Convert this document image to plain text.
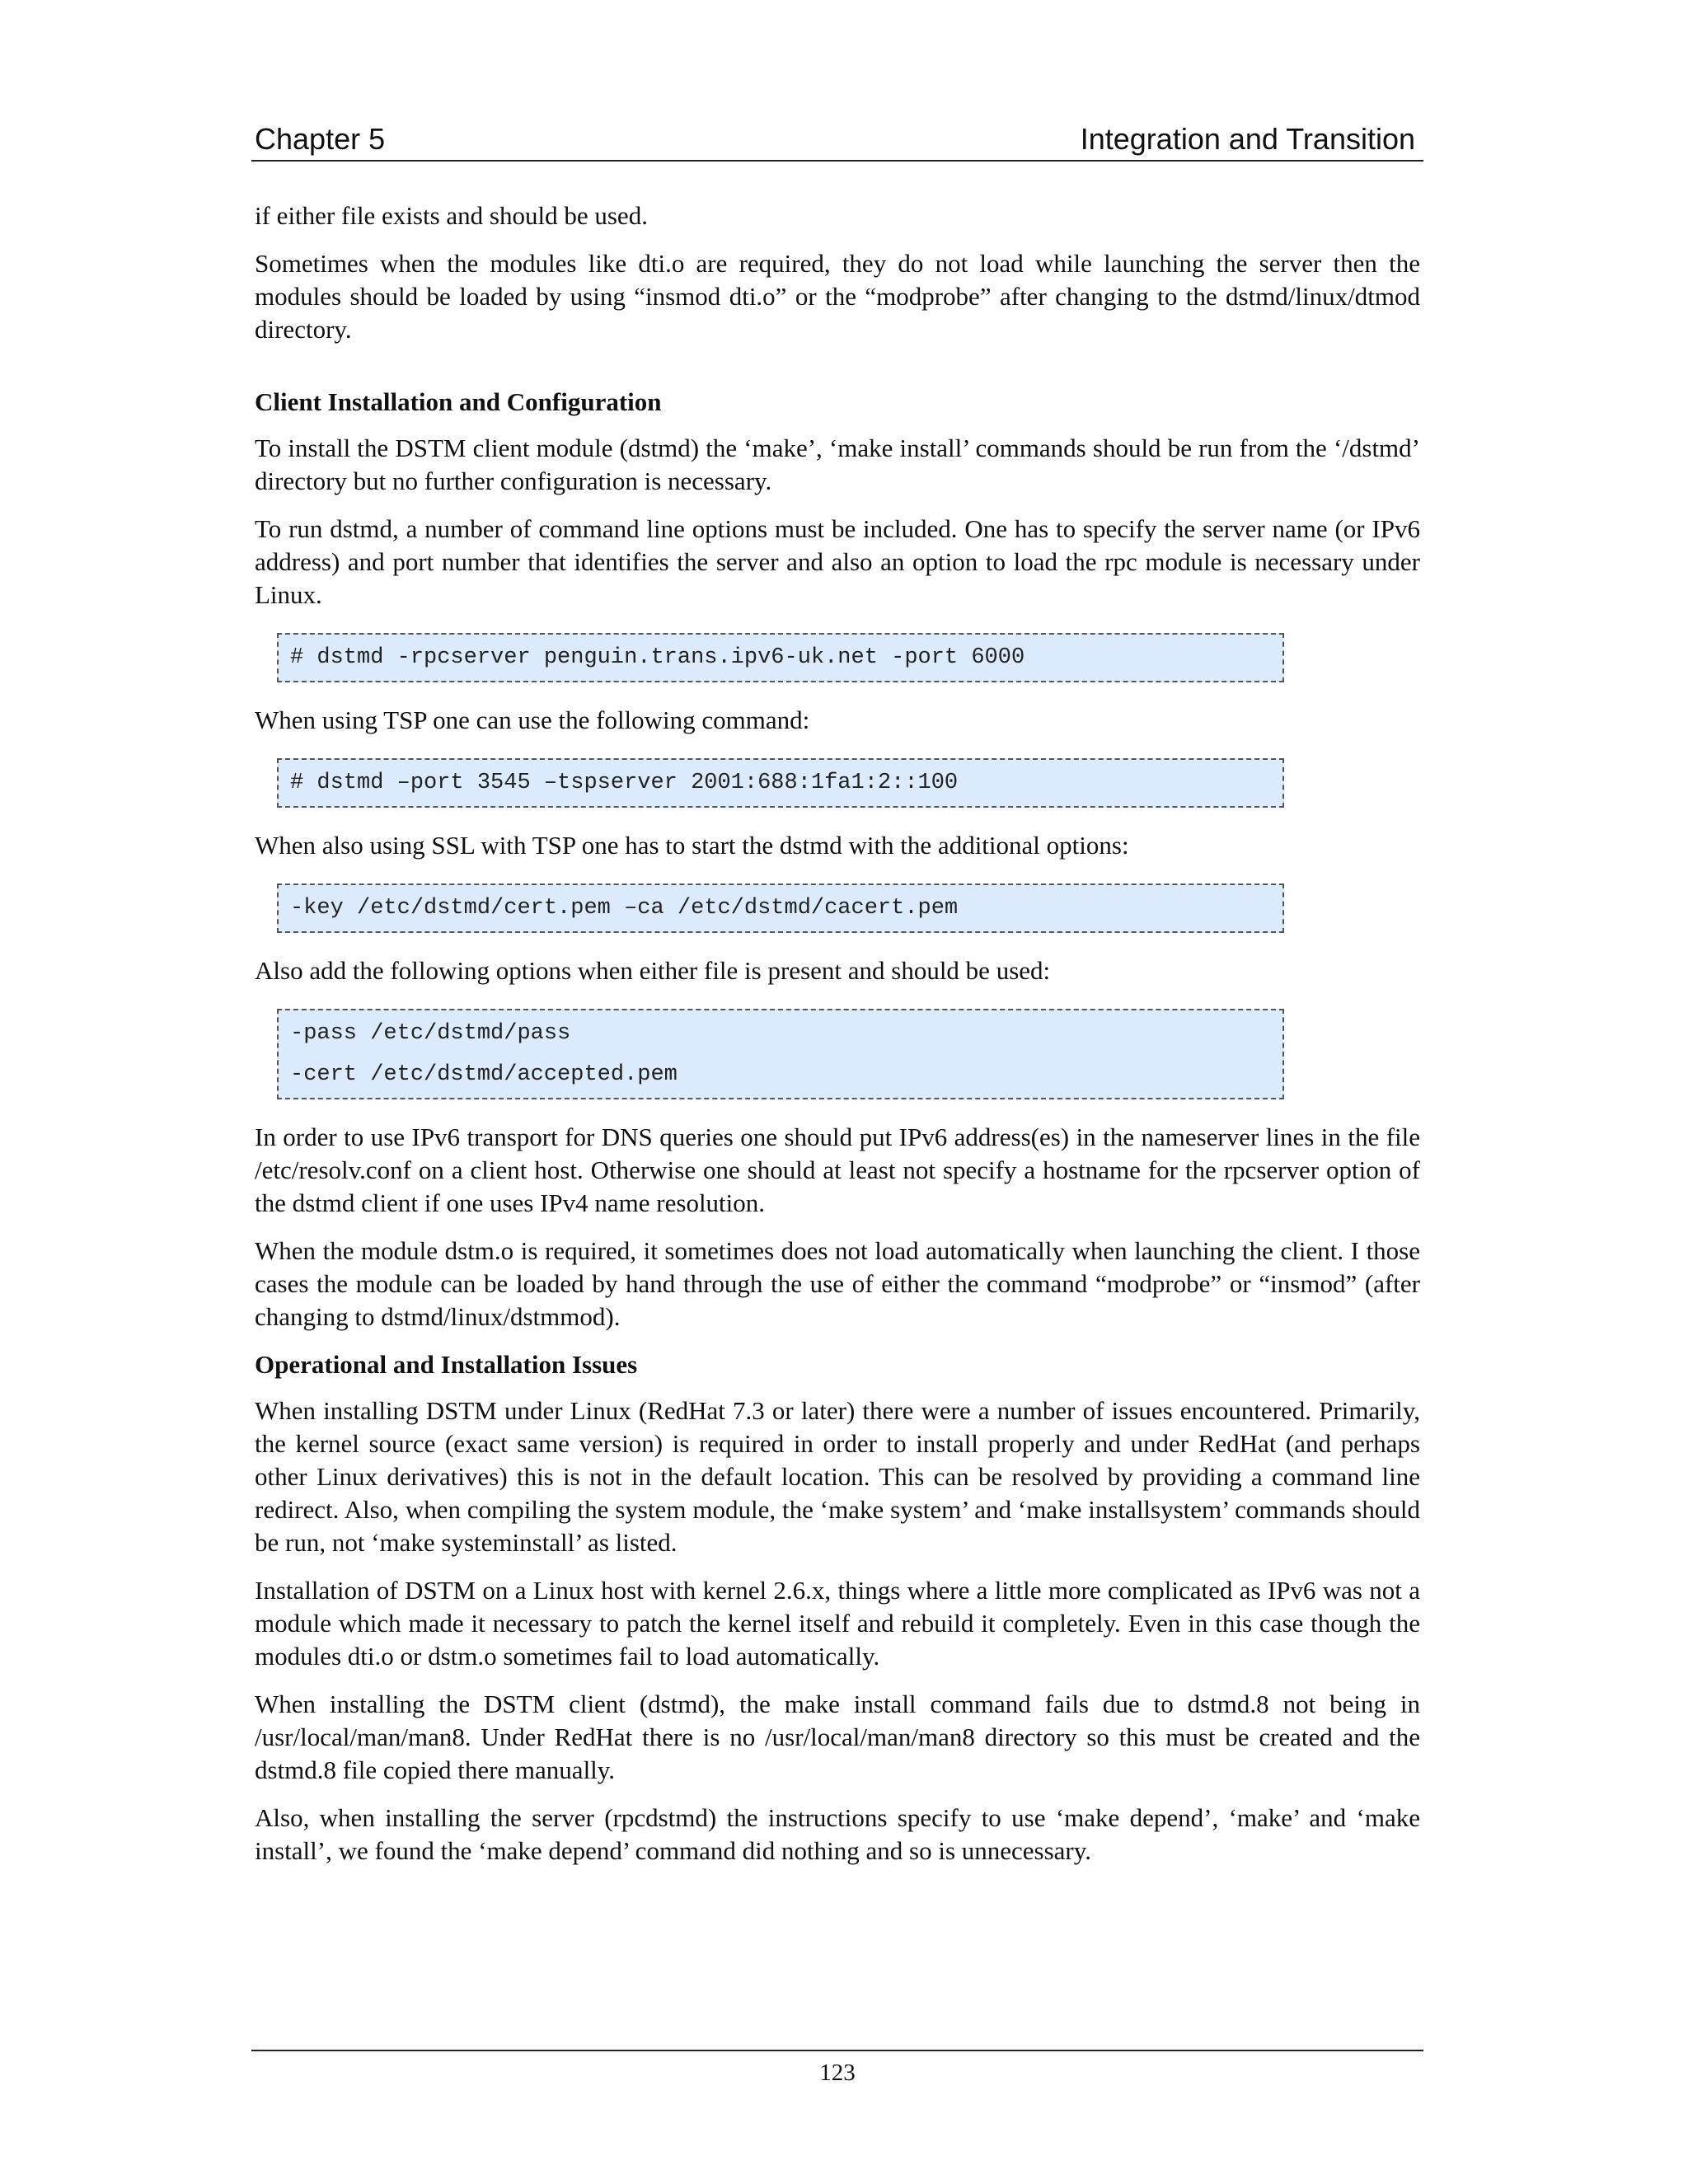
Chapter 5	Integration and Transition

if either file exists and should be used.

Sometimes when the modules like dti.o are required, they do not load while launching the server then the modules should be loaded by using “insmod dti.o” or the “modprobe” after changing to the dstmd/linux/dtmod directory.

Client Installation and Configuration

To install the DSTM client module (dstmd) the ‘make’, ‘make install’ commands should be run from the ‘/dstmd’ directory but no further configuration is necessary.

To run dstmd, a number of command line options must be included. One has to specify the server name (or IPv6 address) and port number that identifies the server and also an option to load the rpc module is necessary under Linux.

# dstmd -rpcserver penguin.trans.ipv6-uk.net -port 6000

When using TSP one can use the following command:

# dstmd –port 3545 –tspserver 2001:688:1fa1:2::100

When also using SSL with TSP one has to start the dstmd with the additional options:

-key /etc/dstmd/cert.pem –ca /etc/dstmd/cacert.pem

Also add the following options when either file is present and should be used:

-pass /etc/dstmd/pass
-cert /etc/dstmd/accepted.pem

In order to use IPv6 transport for DNS queries one should put IPv6 address(es) in the nameserver lines in the file /etc/resolv.conf on a client host. Otherwise one should at least not specify a hostname for the rpcserver option of the dstmd client if one uses IPv4 name resolution.

When the module dstm.o is required, it sometimes does not load automatically when launching the client. I those cases the module can be loaded by hand through the use of either the command “modprobe” or “insmod” (after changing to dstmd/linux/dstmmod).

Operational and Installation Issues

When installing DSTM under Linux (RedHat 7.3 or later) there were a number of issues encountered. Primarily, the kernel source (exact same version) is required in order to install properly and under RedHat (and perhaps other Linux derivatives) this is not in the default location. This can be resolved by providing a command line redirect. Also, when compiling the system module, the ‘make system’ and ‘make installsystem’ commands should be run, not ‘make systeminstall’ as listed.

Installation of DSTM on a Linux host with kernel 2.6.x, things where a little more complicated as IPv6 was not a module which made it necessary to patch the kernel itself and rebuild it completely. Even in this case though the modules dti.o or dstm.o sometimes fail to load automatically.

When installing the DSTM client (dstmd), the make install command fails due to dstmd.8 not being in /usr/local/man/man8. Under RedHat there is no /usr/local/man/man8 directory so this must be created and the dstmd.8 file copied there manually.

Also, when installing the server (rpcdstmd) the instructions specify to use ‘make depend’, ‘make’ and ‘make install’, we found the ‘make depend’ command did nothing and so is unnecessary.

123
